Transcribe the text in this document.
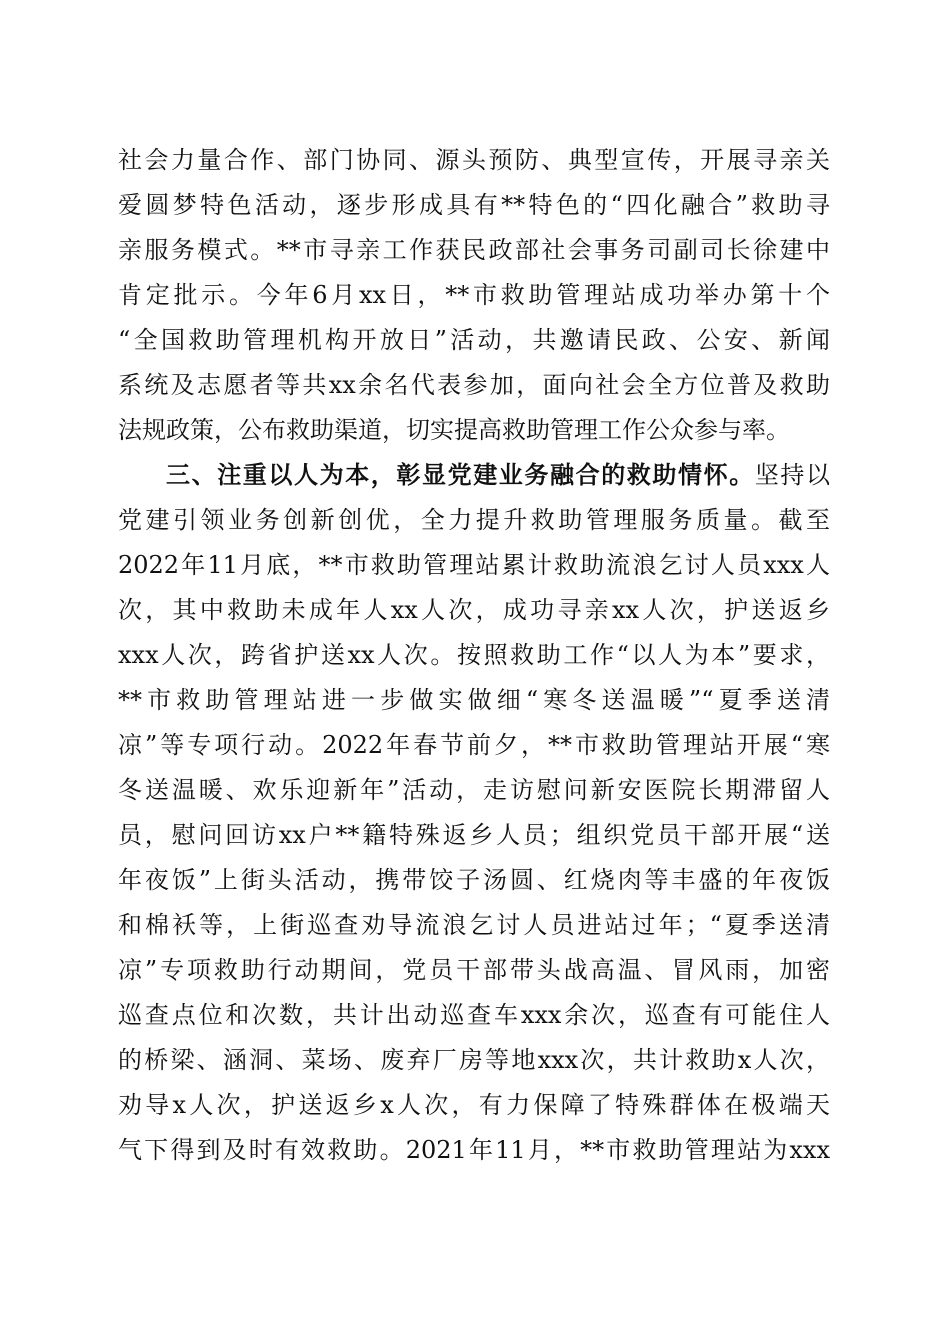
社会力量合作、部门协同、源头预防、典型宣传，开展寻亲关
爱圆梦特色活动，逐步形成具有**特色的“四化融合”救助寻
亲服务模式。**市寻亲工作获民政部社会事务司副司长徐建中
肯定批示。今年6月xx日，**市救助管理站成功举办第十个
“全国救助管理机构开放日”活动，共邀请民政、公安、新闻
系统及志愿者等共xx余名代表参加，面向社会全方位普及救助
法规政策，公布救助渠道，切实提高救助管理工作公众参与率。
三、注重以人为本，彰显党建业务融合的救助情怀。坚持以
党建引领业务创新创优，全力提升救助管理服务质量。截至
2022年11月底，**市救助管理站累计救助流浪乞讨人员xxx人
次，其中救助未成年人xx人次，成功寻亲xx人次，护送返乡
xxx人次，跨省护送xx人次。按照救助工作“以人为本”要求，
**市救助管理站进一步做实做细“寒冬送温暖”“夏季送清
凉”等专项行动。2022年春节前夕，**市救助管理站开展“寒
冬送温暖、欢乐迎新年”活动，走访慰问新安医院长期滞留人
员，慰问回访xx户**籍特殊返乡人员；组织党员干部开展“送
年夜饭”上街头活动，携带饺子汤圆、红烧肉等丰盛的年夜饭
和棉袄等，上街巡查劝导流浪乞讨人员进站过年；“夏季送清
凉”专项救助行动期间，党员干部带头战高温、冒风雨，加密
巡查点位和次数，共计出动巡查车xxx余次，巡查有可能住人
的桥梁、涵洞、菜场、废弃厂房等地xxx次，共计救助x人次，
劝导x人次，护送返乡x人次，有力保障了特殊群体在极端天
气下得到及时有效救助。2021年11月，**市救助管理站为xxx
